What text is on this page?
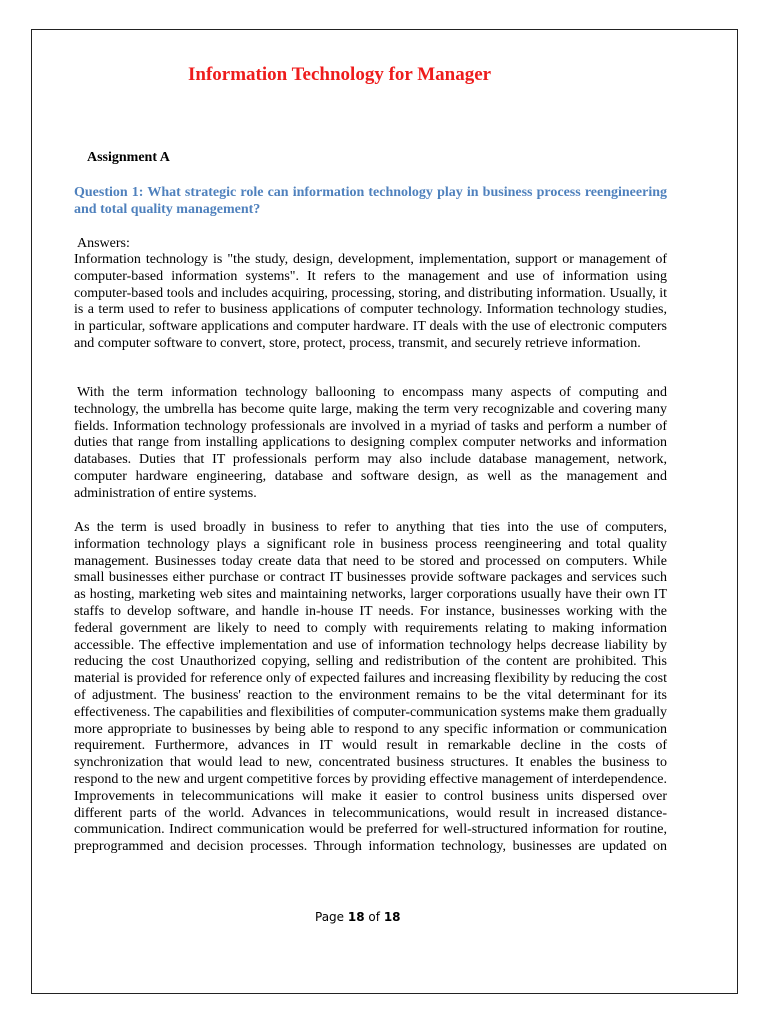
Information Technology for Manager

Assignment A

Question 1: What strategic role can information technology play in business process reengineering and total quality management?

Answers:

Information technology is "the study, design, development, implementation, support or management of computer-based information systems". It refers to the management and use of information using computer-based tools and includes acquiring, processing, storing, and distributing information. Usually, it is a term used to refer to business applications of computer technology. Information technology studies, in particular, software applications and computer hardware. IT deals with the use of electronic computers and computer software to convert, store, protect, process, transmit, and securely retrieve information.

With the term information technology ballooning to encompass many aspects of computing and technology, the umbrella has become quite large, making the term very recognizable and covering many fields. Information technology professionals are involved in a myriad of tasks and perform a number of duties that range from installing applications to designing complex computer networks and information databases. Duties that IT professionals perform may also include database management, network, computer hardware engineering, database and software design, as well as the management and administration of entire systems.

As the term is used broadly in business to refer to anything that ties into the use of computers, information technology plays a significant role in business process reengineering and total quality management. Businesses today create data that need to be stored and processed on computers. While small businesses either purchase or contract IT businesses provide software packages and services such as hosting, marketing web sites and maintaining networks, larger corporations usually have their own IT staffs to develop software, and handle in-house IT needs. For instance, businesses working with the federal government are likely to need to comply with requirements relating to making information accessible. The effective implementation and use of information technology helps decrease liability by reducing the cost Unauthorized copying, selling and redistribution of the content are prohibited. This material is provided for reference only of expected failures and increasing flexibility by reducing the cost of adjustment. The business' reaction to the environment remains to be the vital determinant for its effectiveness. The capabilities and flexibilities of computer-communication systems make them gradually more appropriate to businesses by being able to respond to any specific information or communication requirement. Furthermore, advances in IT would result in remarkable decline in the costs of synchronization that would lead to new, concentrated business structures. It enables the business to respond to the new and urgent competitive forces by providing effective management of interdependence. Improvements in telecommunications will make it easier to control business units dispersed over different parts of the world. Advances in telecommunications, would result in increased distance-communication. Indirect communication would be preferred for well-structured information for routine, preprogrammed and decision processes. Through information technology, businesses are updated on

Page 18 of 18
